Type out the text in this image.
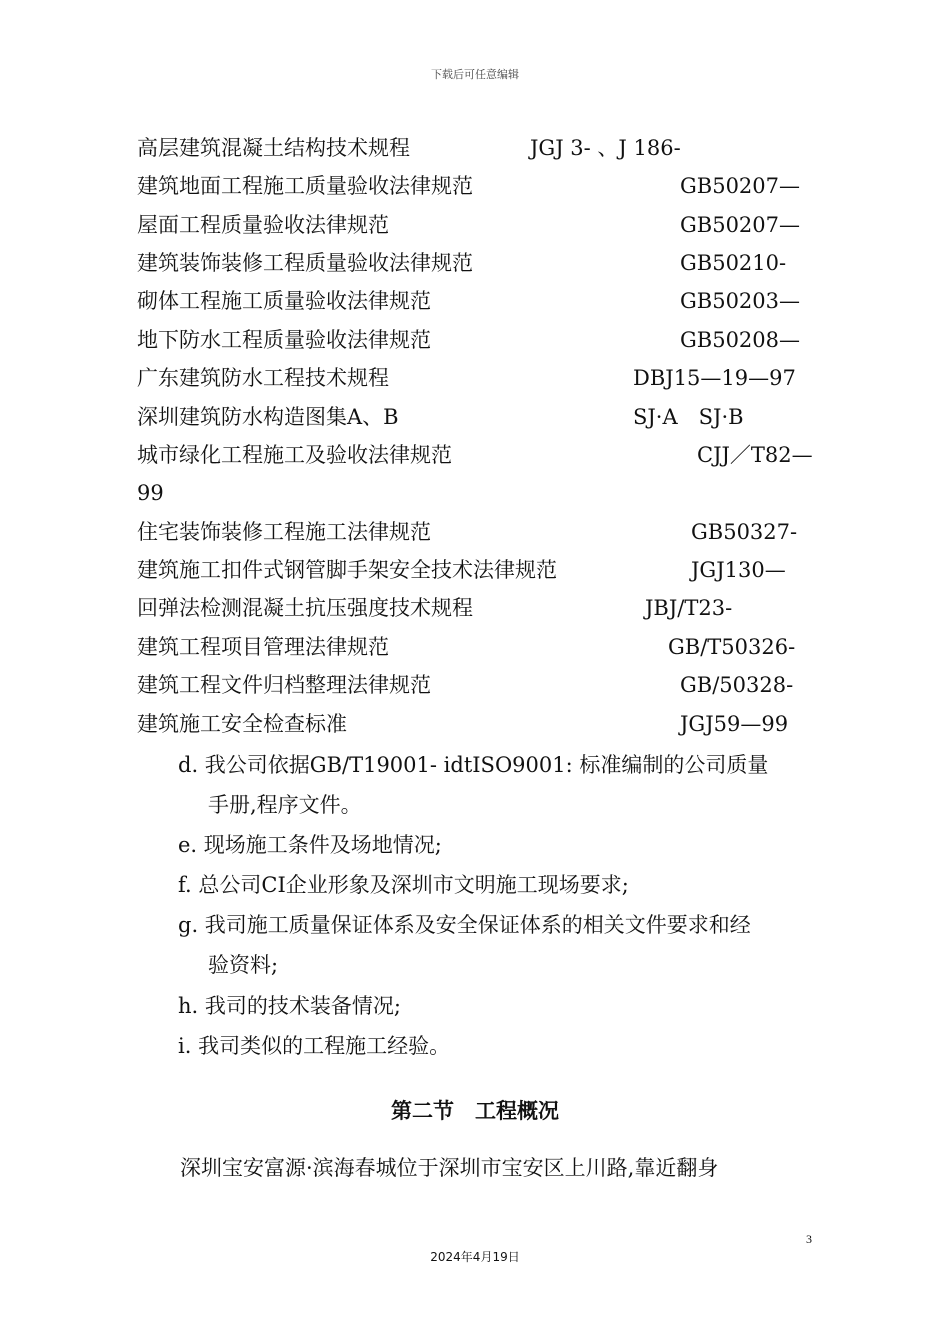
下载后可任意编辑
高层建筑混凝土结构技术规程	JGJ 3- 、J 186-
建筑地面工程施工质量验收法律规范	GB50207—
屋面工程质量验收法律规范	GB50207—
建筑装饰装修工程质量验收法律规范	GB50210-
砌体工程施工质量验收法律规范	GB50203—
地下防水工程质量验收法律规范	GB50208—
广东建筑防水工程技术规程	DBJ15—19—97
深圳建筑防水构造图集A、B	SJ·A　SJ·B
城市绿化工程施工及验收法律规范	CJJ／T82—
99
住宅装饰装修工程施工法律规范	GB50327-
建筑施工扣件式钢管脚手架安全技术法律规范	JGJ130—
回弹法检测混凝土抗压强度技术规程	JBJ/T23-
建筑工程项目管理法律规范	GB/T50326-
建筑工程文件归档整理法律规范	GB/50328-
建筑施工安全检查标准	JGJ59—99
d. 我公司依据GB/T19001- idtISO9001: 标准编制的公司质量
手册,程序文件。
e. 现场施工条件及场地情况;
f. 总公司CI企业形象及深圳市文明施工现场要求;
g. 我司施工质量保证体系及安全保证体系的相关文件要求和经
验资料;
h. 我司的技术装备情况;
i. 我司类似的工程施工经验。
第二节　工程概况
深圳宝安富源·滨海春城位于深圳市宝安区上川路,靠近翻身
3
2024年4月19日
